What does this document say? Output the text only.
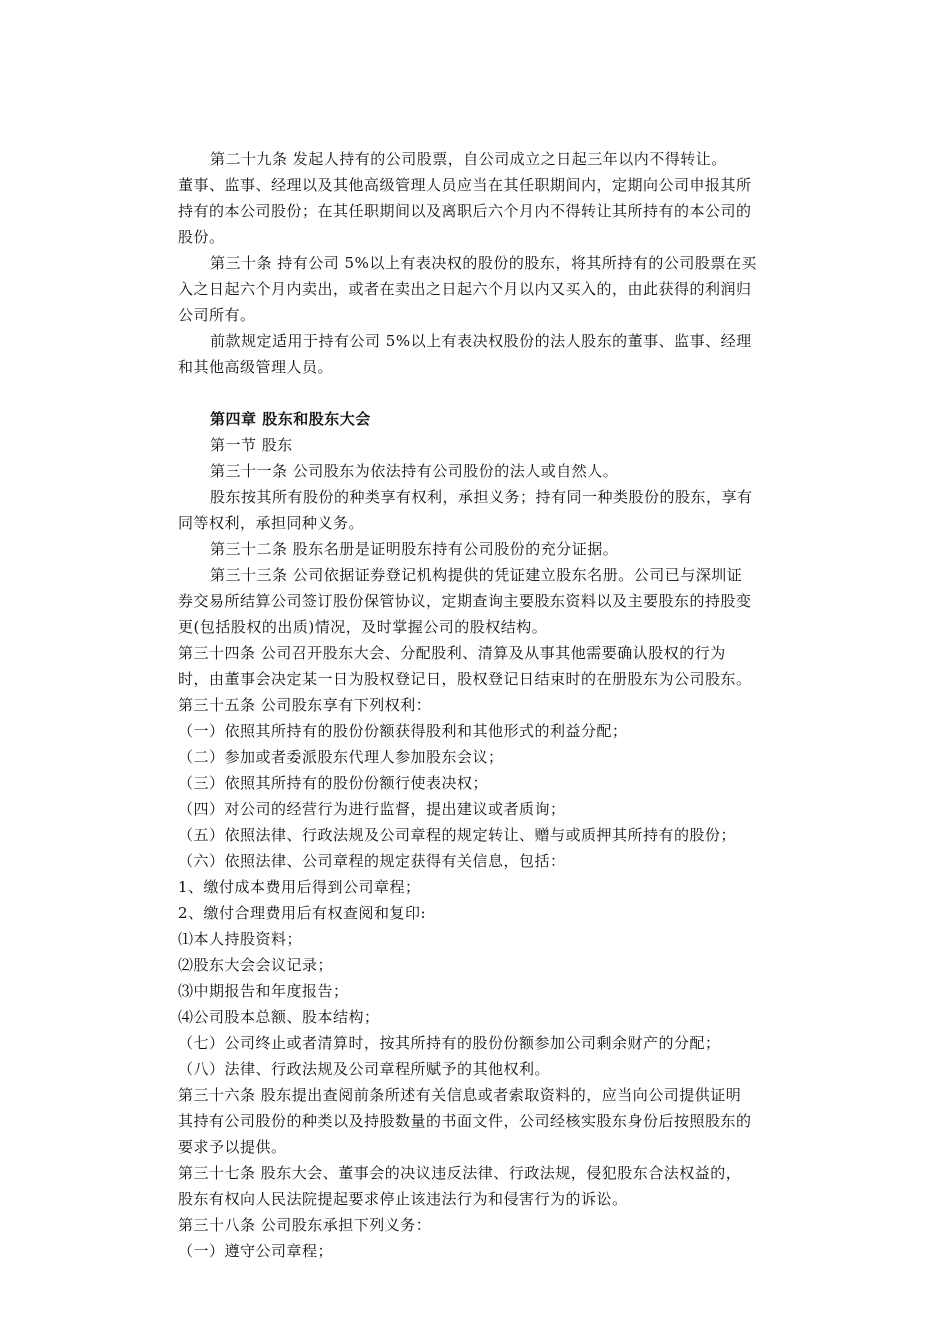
第二十九条 发起人持有的公司股票，自公司成立之日起三年以内不得转让。
董事、监事、经理以及其他高级管理人员应当在其任职期间内，定期向公司申报其所
持有的本公司股份；在其任职期间以及离职后六个月内不得转让其所持有的本公司的
股份。
第三十条 持有公司 5%以上有表决权的股份的股东，将其所持有的公司股票在买
入之日起六个月内卖出，或者在卖出之日起六个月以内又买入的，由此获得的利润归
公司所有。
前款规定适用于持有公司 5%以上有表决权股份的法人股东的董事、监事、经理
和其他高级管理人员。
第四章 股东和股东大会
第一节 股东
第三十一条 公司股东为依法持有公司股份的法人或自然人。
股东按其所有股份的种类享有权利，承担义务；持有同一种类股份的股东，享有
同等权利，承担同种义务。
第三十二条 股东名册是证明股东持有公司股份的充分证据。
第三十三条 公司依据证券登记机构提供的凭证建立股东名册。公司已与深圳证
券交易所结算公司签订股份保管协议，定期查询主要股东资料以及主要股东的持股变
更(包括股权的出质)情况，及时掌握公司的股权结构。
第三十四条 公司召开股东大会、分配股利、清算及从事其他需要确认股权的行为
时，由董事会决定某一日为股权登记日，股权登记日结束时的在册股东为公司股东。
第三十五条 公司股东享有下列权利：
（一）依照其所持有的股份份额获得股利和其他形式的利益分配；
（二）参加或者委派股东代理人参加股东会议；
（三）依照其所持有的股份份额行使表决权；
（四）对公司的经营行为进行监督，提出建议或者质询；
（五）依照法律、行政法规及公司章程的规定转让、赠与或质押其所持有的股份；
（六）依照法律、公司章程的规定获得有关信息，包括：
1、缴付成本费用后得到公司章程；
2、缴付合理费用后有权查阅和复印:
⑴本人持股资料；
⑵股东大会会议记录；
⑶中期报告和年度报告；
⑷公司股本总额、股本结构；
（七）公司终止或者清算时，按其所持有的股份份额参加公司剩余财产的分配；
（八）法律、行政法规及公司章程所赋予的其他权利。
第三十六条 股东提出查阅前条所述有关信息或者索取资料的，应当向公司提供证明
其持有公司股份的种类以及持股数量的书面文件，公司经核实股东身份后按照股东的
要求予以提供。
第三十七条 股东大会、董事会的决议违反法律、行政法规，侵犯股东合法权益的，
股东有权向人民法院提起要求停止该违法行为和侵害行为的诉讼。
第三十八条 公司股东承担下列义务：
（一）遵守公司章程；
